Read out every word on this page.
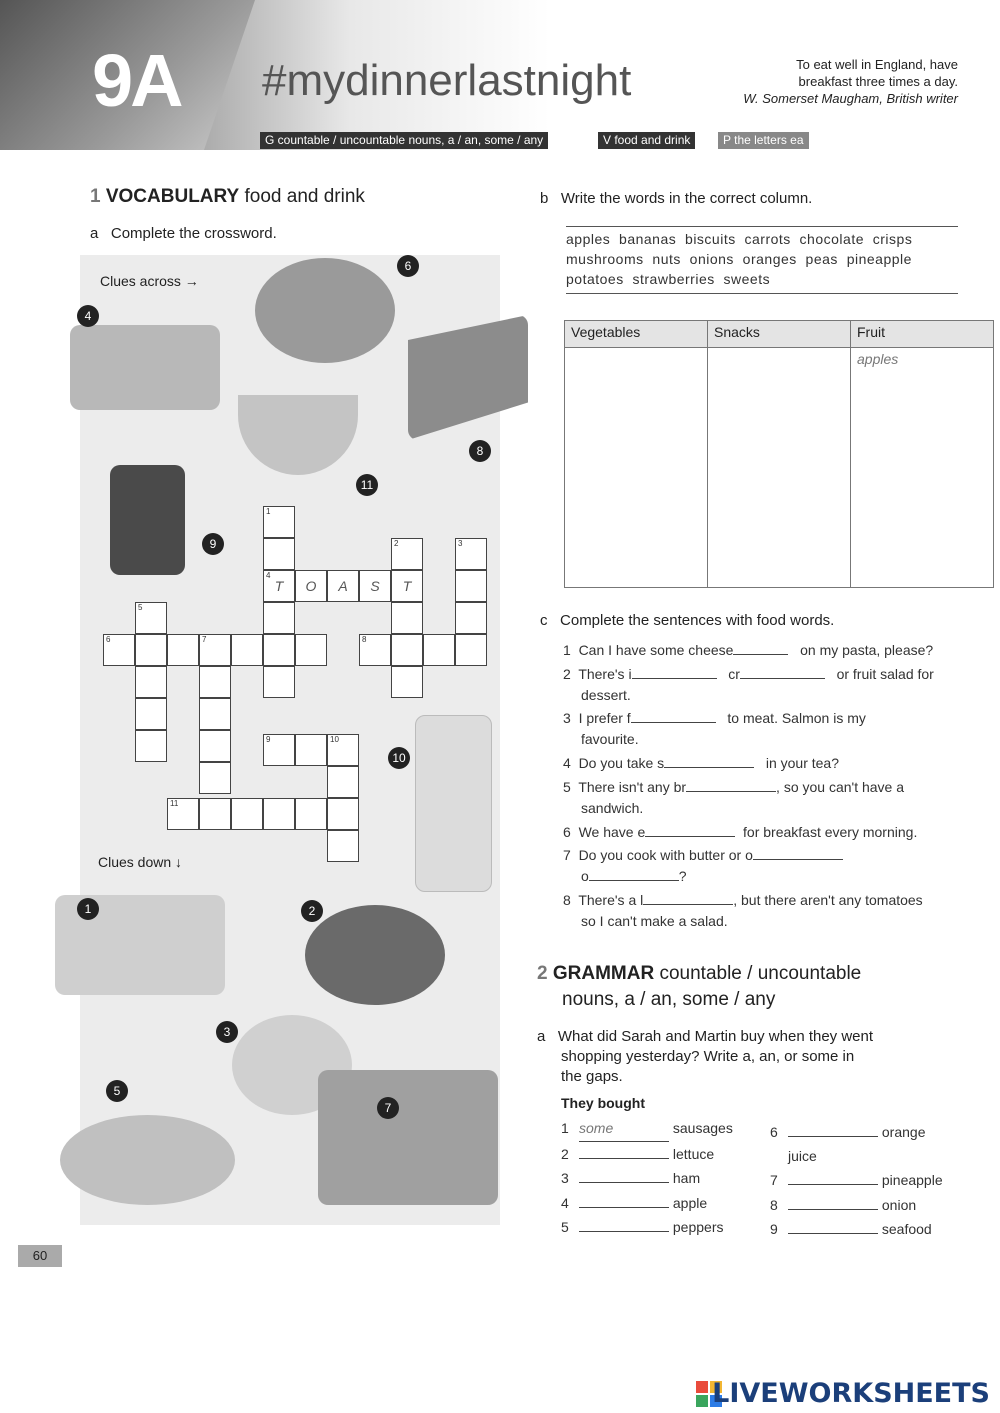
9A #mydinnerlastnight	To eat well in England, have
breakfast three times a day.
W. Somerset Maugham, British writer
G countable / uncountable nouns, a / an, some / any	V food and drink	P the letters ea
1 VOCABULARY food and drink
a Complete the crossword.
Clues across →
Clues down ↓
4
6
8
9
11
10
1	2
3
5
7
1
4
T	O	A	S	T
2	3
8
5
6	7
9	10
11
b Write the words in the correct column.
apples  bananas  biscuits  carrots  chocolate  crisps
mushrooms  nuts  onions  oranges  peas  pineapple
potatoes  strawberries  sweets
Vegetables	Snacks	Fruit
		apples
c Complete the sentences with food words.
1  Can I have some cheese	on my pasta, please?
2  There's i	cr	or fruit salad for
dessert.
3  I prefer f	to meat. Salmon is my
favourite.
4  Do you take s	in your tea?
5  There isn't any br	, so you can't have a
sandwich.
6  We have e	for breakfast every morning.
7  Do you cook with butter or o
o	?
8  There's a l	, but there aren't any tomatoes
so I can't make a salad.
2 GRAMMAR countable / uncountable
nouns, a / an, some / any
a What did Sarah and Martin buy when they went
shopping yesterday? Write a, an, or some in
the gaps.
They bought
1 some	sausages
2	lettuce
3	ham
4	apple
5	peppers
6	orange
juice
7	pineapple
8	onion
9	seafood
60
LIVEWORKSHEETS
